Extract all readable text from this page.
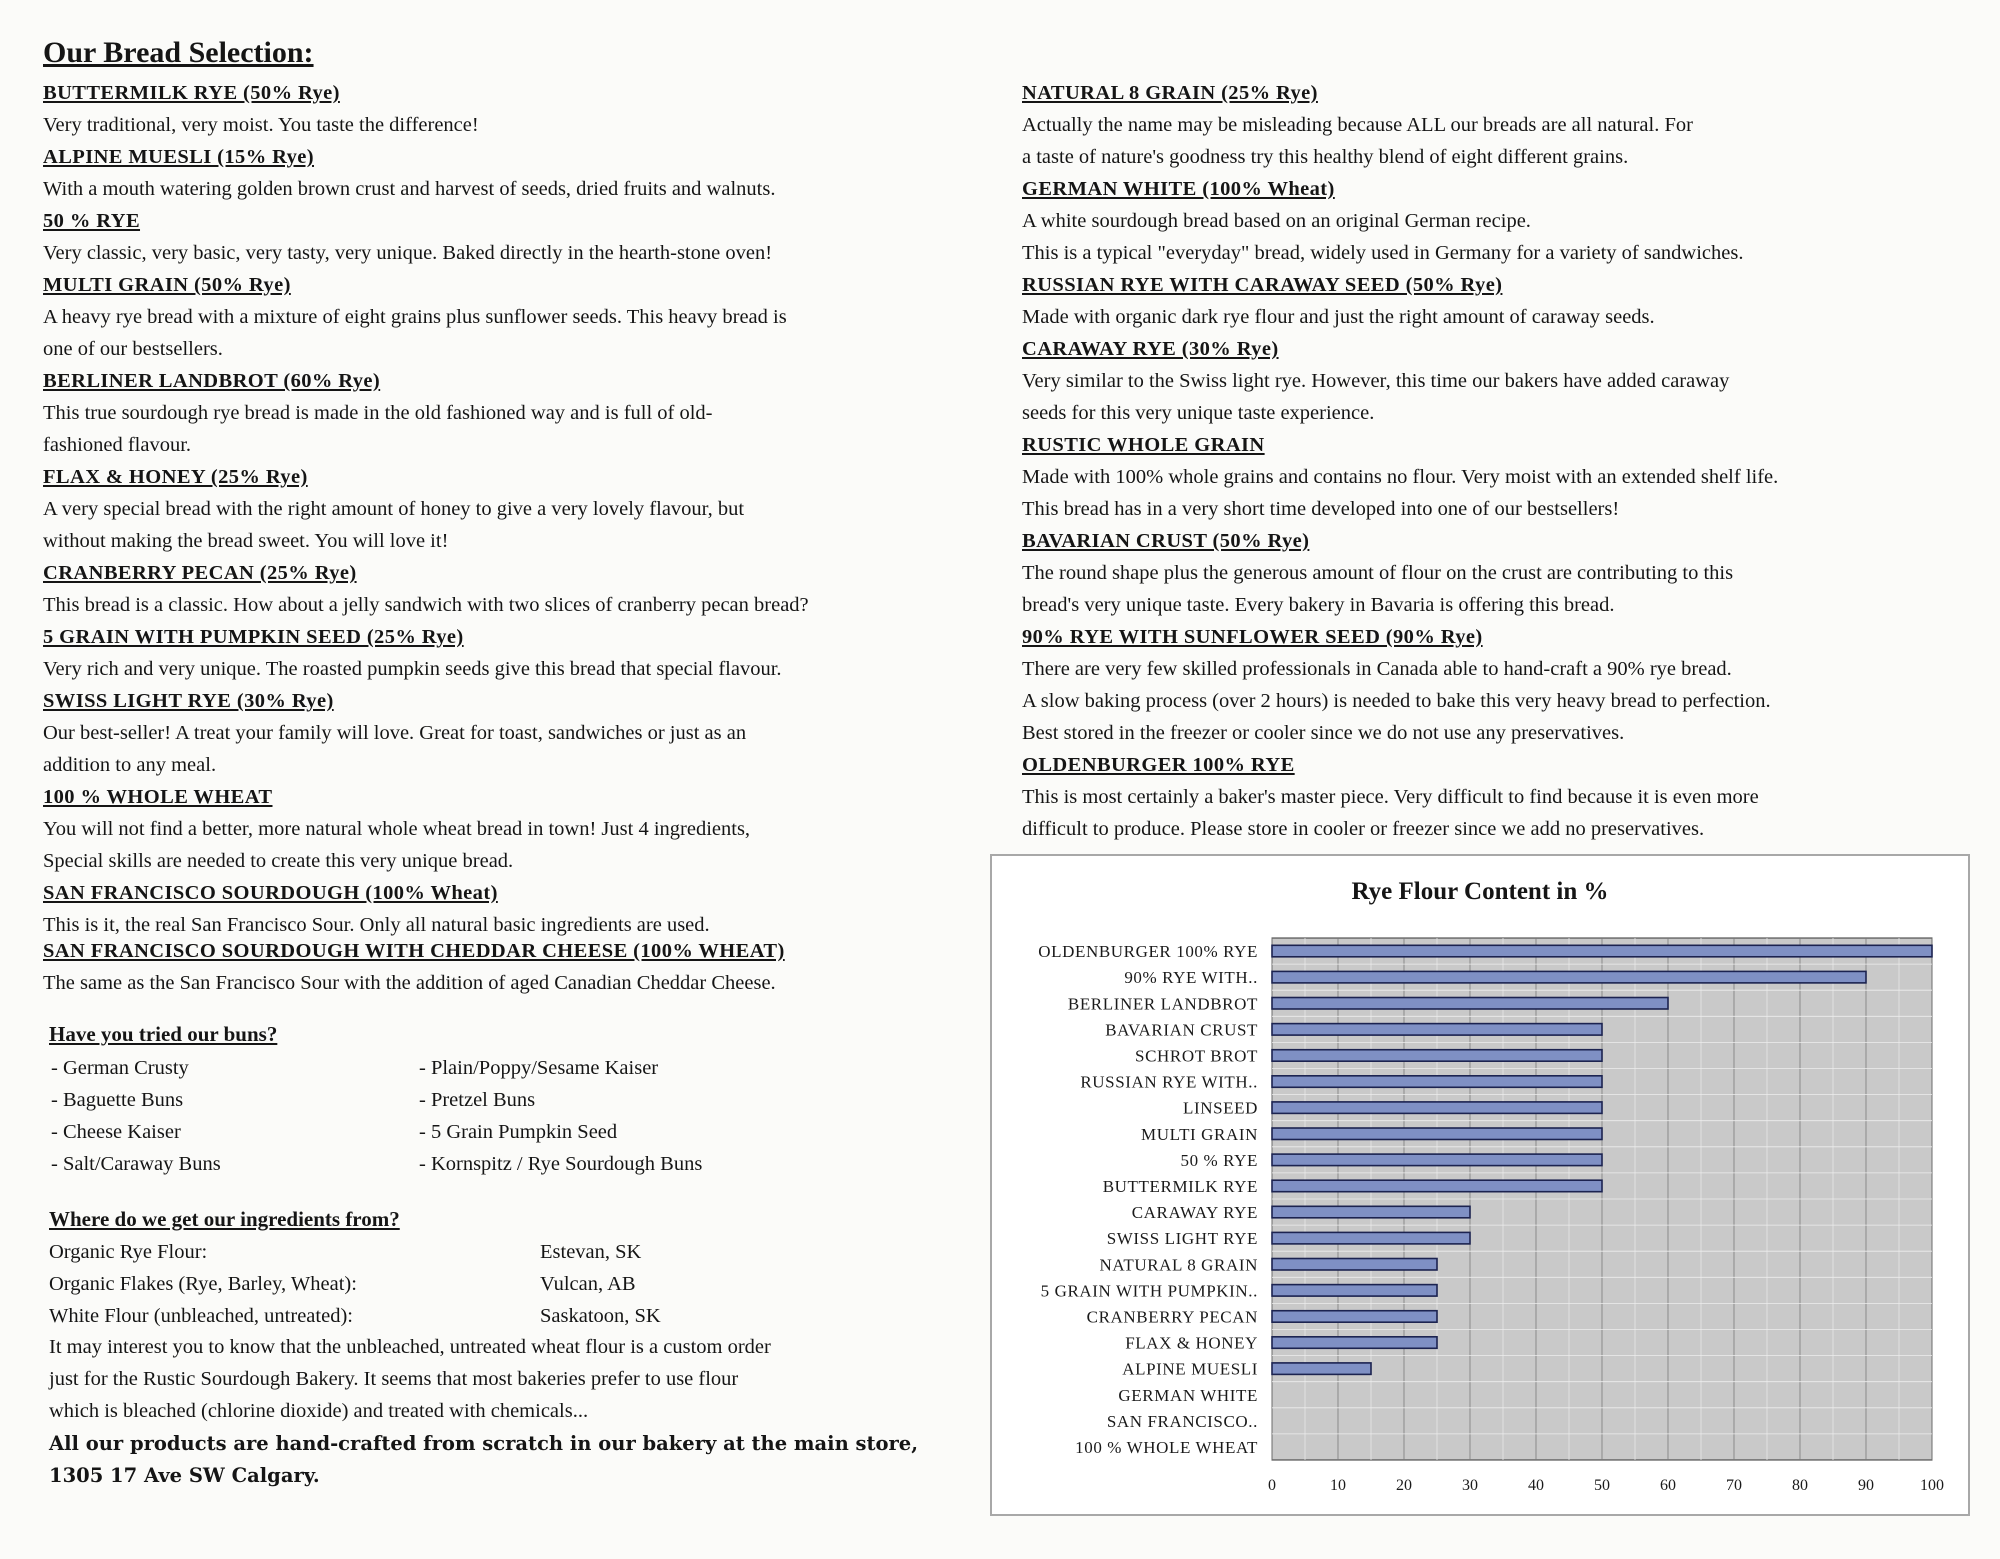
Our Bread Selection:
BUTTERMILK RYE (50% Rye)
Very traditional, very moist. You taste the difference!
ALPINE MUESLI (15% Rye)
With a mouth watering golden brown crust and harvest of seeds, dried fruits and walnuts.
50 % RYE
Very classic, very basic, very tasty, very unique. Baked directly in the hearth-stone oven!
MULTI GRAIN (50% Rye)
A heavy rye bread with a mixture of eight grains plus sunflower seeds. This heavy bread is
one of our bestsellers.
BERLINER LANDBROT (60% Rye)
This true sourdough rye bread is made in the old fashioned way and is full of old-
fashioned flavour.
FLAX & HONEY (25% Rye)
A very special bread with the right amount of honey to give a very lovely flavour, but
without making the bread sweet. You will love it!
CRANBERRY PECAN (25% Rye)
This bread is a classic. How about a jelly sandwich with two slices of cranberry pecan bread?
5 GRAIN WITH PUMPKIN SEED (25% Rye)
Very rich and very unique. The roasted pumpkin seeds give this bread that special flavour.
SWISS LIGHT RYE (30% Rye)
Our best-seller! A treat your family will love. Great for toast, sandwiches or just as an
addition to any meal.
100 % WHOLE WHEAT
You will not find a better, more natural whole wheat bread in town! Just 4 ingredients,
Special skills are needed to create this very unique bread.
SAN FRANCISCO SOURDOUGH (100% Wheat)
This is it, the real San Francisco Sour. Only all natural basic ingredients are used.
SAN FRANCISCO SOURDOUGH WITH CHEDDAR CHEESE (100% WHEAT)
The same as the San Francisco Sour with the addition of aged Canadian Cheddar Cheese.
Have you tried our buns?
- German Crusty
- Baguette Buns
- Cheese Kaiser
- Salt/Caraway Buns
- Plain/Poppy/Sesame Kaiser
- Pretzel Buns
- 5 Grain Pumpkin Seed
- Kornspitz / Rye Sourdough Buns
Where do we get our ingredients from?
Organic Rye Flour:	Estevan, SK
Organic Flakes (Rye, Barley, Wheat):	Vulcan, AB
White Flour (unbleached, untreated):	Saskatoon, SK
It may interest you to know that the unbleached, untreated wheat flour is a custom order
just for the Rustic Sourdough Bakery. It seems that most bakeries prefer to use flour
which is bleached (chlorine dioxide) and treated with chemicals...
All our products are hand-crafted from scratch in our bakery at the main store,
1305 17 Ave SW Calgary.
NATURAL 8 GRAIN (25% Rye)
Actually the name may be misleading because ALL our breads are all natural. For
a taste of nature's goodness try this healthy blend of eight different grains.
GERMAN WHITE (100% Wheat)
A white sourdough bread based on an original German recipe.
This is a typical "everyday" bread, widely used in Germany for a variety of sandwiches.
RUSSIAN RYE WITH CARAWAY SEED (50% Rye)
Made with organic dark rye flour and just the right amount of caraway seeds.
CARAWAY RYE (30% Rye)
Very similar to the Swiss light rye. However, this time our bakers have added caraway
seeds for this very unique taste experience.
RUSTIC WHOLE GRAIN
Made with 100% whole grains and contains no flour. Very moist with an extended shelf life.
This bread has in a very short time developed into one of our bestsellers!
BAVARIAN CRUST (50% Rye)
The round shape plus the generous amount of flour on the crust are contributing to this
bread's very unique taste. Every bakery in Bavaria is offering this bread.
90% RYE WITH SUNFLOWER SEED (90% Rye)
There are very few skilled professionals in Canada able to hand-craft a 90% rye bread.
A slow baking process (over 2 hours) is needed to bake this very heavy bread to perfection.
Best stored in the freezer or cooler since we do not use any preservatives.
OLDENBURGER 100% RYE
This is most certainly a baker's master piece. Very difficult to find because it is even more
difficult to produce. Please store in cooler or freezer since we add no preservatives.
Rye Flour Content in %
OLDENBURGER 100% RYE
90% RYE WITH..
BERLINER LANDBROT
BAVARIAN CRUST
SCHROT BROT
RUSSIAN RYE WITH..
LINSEED
MULTI GRAIN
50 % RYE
BUTTERMILK RYE
CARAWAY RYE
SWISS LIGHT RYE
NATURAL 8 GRAIN
5 GRAIN WITH PUMPKIN..
CRANBERRY PECAN
FLAX & HONEY
ALPINE MUESLI
GERMAN WHITE
SAN FRANCISCO..
100 % WHOLE WHEAT
0	10	20	30	40	50	60	70	80	90	100
